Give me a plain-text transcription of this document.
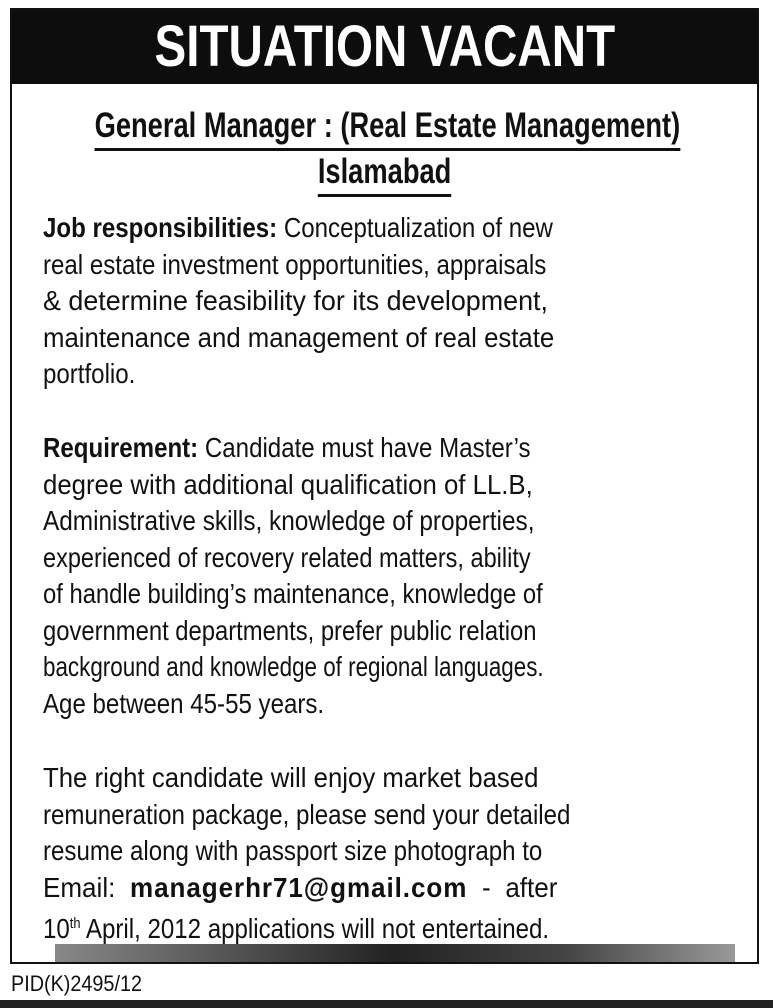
SITUATION VACANT
General Manager : (Real Estate Management)
Islamabad
Job responsibilities: Conceptualization of new
real estate investment opportunities, appraisals
& determine feasibility for its development,
maintenance and management of real estate
portfolio.
Requirement: Candidate must have Master’s
degree with additional qualification of LL.B,
Administrative skills, knowledge of properties,
experienced of recovery related matters, ability
of handle building’s maintenance, knowledge of
government departments, prefer public relation
background and knowledge of regional languages.
Age between 45-55 years.
The right candidate will enjoy market based
remuneration package, please send your detailed
resume along with passport size photograph to
Email: managerhr71@gmail.com - after
10th April, 2012 applications will not entertained.
PID(K)2495/12
